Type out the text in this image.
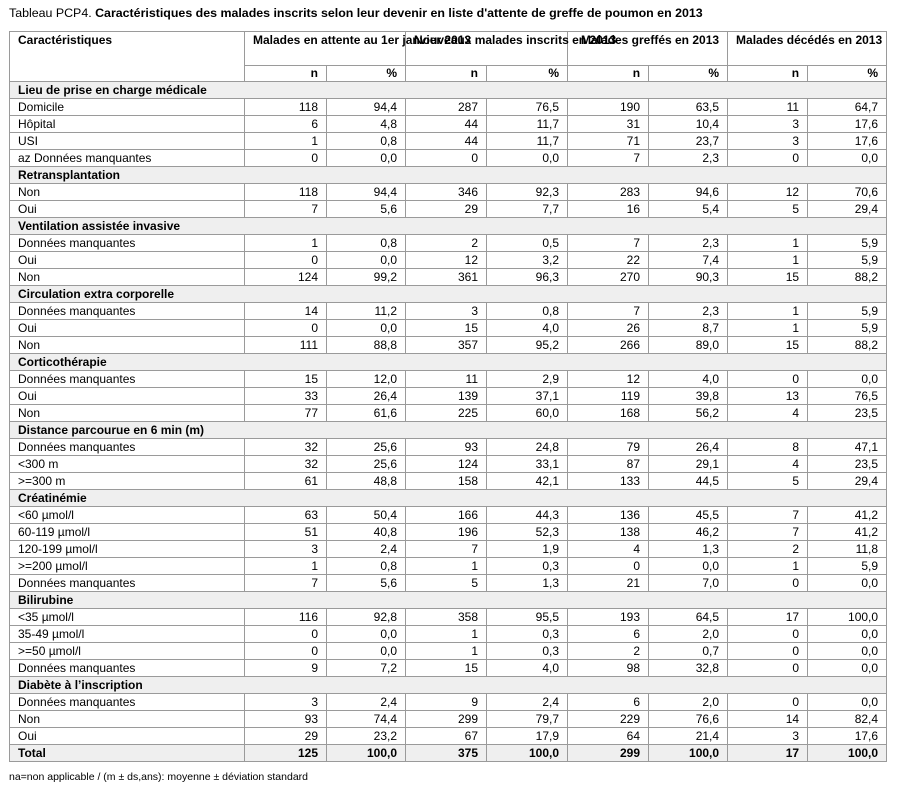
Tableau PCP4. Caractéristiques des malades inscrits selon leur devenir en liste d'attente de greffe de poumon en 2013
Caractéristiques	Malades en attente au 1er janvier 2013		Nouveaux malades inscrits en 2013		Malades greffés en 2013		Malades décédés en 2013	
	n	%	n	%	n	%	n	%
Lieu de prise en charge médicale								
Domicile	118	94,4	287	76,5	190	63,5	11	64,7
Hôpital	6	4,8	44	11,7	31	10,4	3	17,6
USI	1	0,8	44	11,7	71	23,7	3	17,6
az Données manquantes	0	0,0	0	0,0	7	2,3	0	0,0
Retransplantation								
Non	118	94,4	346	92,3	283	94,6	12	70,6
Oui	7	5,6	29	7,7	16	5,4	5	29,4
Ventilation assistée invasive								
Données manquantes	1	0,8	2	0,5	7	2,3	1	5,9
Oui	0	0,0	12	3,2	22	7,4	1	5,9
Non	124	99,2	361	96,3	270	90,3	15	88,2
Circulation extra corporelle								
Données manquantes	14	11,2	3	0,8	7	2,3	1	5,9
Oui	0	0,0	15	4,0	26	8,7	1	5,9
Non	111	88,8	357	95,2	266	89,0	15	88,2
Corticothérapie								
Données manquantes	15	12,0	11	2,9	12	4,0	0	0,0
Oui	33	26,4	139	37,1	119	39,8	13	76,5
Non	77	61,6	225	60,0	168	56,2	4	23,5
Distance parcourue en 6 min (m)								
Données manquantes	32	25,6	93	24,8	79	26,4	8	47,1
<300 m	32	25,6	124	33,1	87	29,1	4	23,5
>=300 m	61	48,8	158	42,1	133	44,5	5	29,4
Créatinémie								
<60 µmol/l	63	50,4	166	44,3	136	45,5	7	41,2
60-119 µmol/l	51	40,8	196	52,3	138	46,2	7	41,2
120-199 µmol/l	3	2,4	7	1,9	4	1,3	2	11,8
>=200 µmol/l	1	0,8	1	0,3	0	0,0	1	5,9
Données manquantes	7	5,6	5	1,3	21	7,0	0	0,0
Bilirubine								
<35 µmol/l	116	92,8	358	95,5	193	64,5	17	100,0
35-49 µmol/l	0	0,0	1	0,3	6	2,0	0	0,0
>=50 µmol/l	0	0,0	1	0,3	2	0,7	0	0,0
Données manquantes	9	7,2	15	4,0	98	32,8	0	0,0
Diabète à l’inscription								
Données manquantes	3	2,4	9	2,4	6	2,0	0	0,0
Non	93	74,4	299	79,7	229	76,6	14	82,4
Oui	29	23,2	67	17,9	64	21,4	3	17,6
Total	125	100,0	375	100,0	299	100,0	17	100,0
na=non applicable / (m ± ds,ans): moyenne ± déviation standard
